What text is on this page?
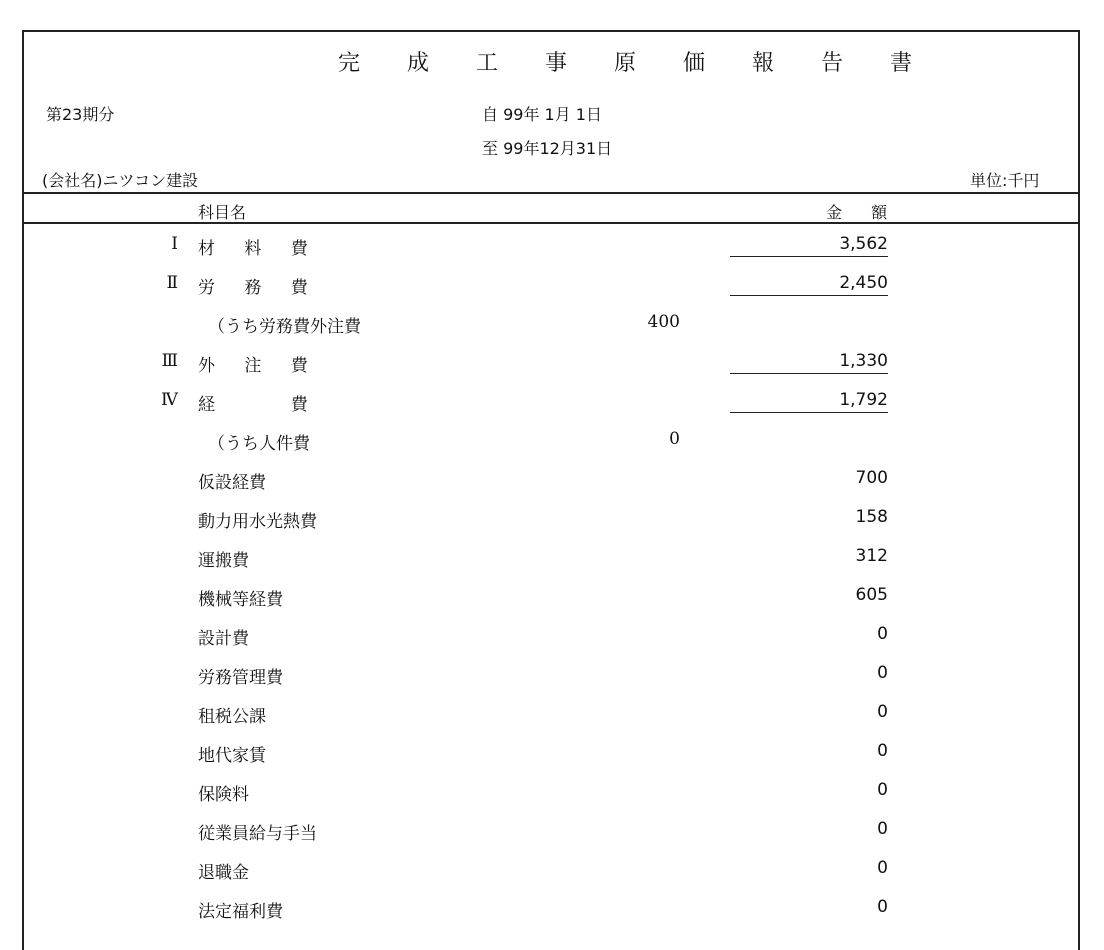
完 成 工 事 原 価 報 告 書
第23期分	自 99年 1月 1日
至 99年12月31日
(会社名)ニツコン建設	単位:千円
科目名	金 額
Ⅰ 材 料 費	3,562
Ⅱ 労 務 費	2,450
（うち労務費外注費	400
Ⅲ 外 注 費	1,330
Ⅳ 経 　 費	1,792
（うち人件費	0
仮設経費	700
動力用水光熱費	158
運搬費	312
機械等経費	605
設計費	0
労務管理費	0
租税公課	0
地代家賃	0
保険料	0
従業員給与手当	0
退職金	0
法定福利費	0
